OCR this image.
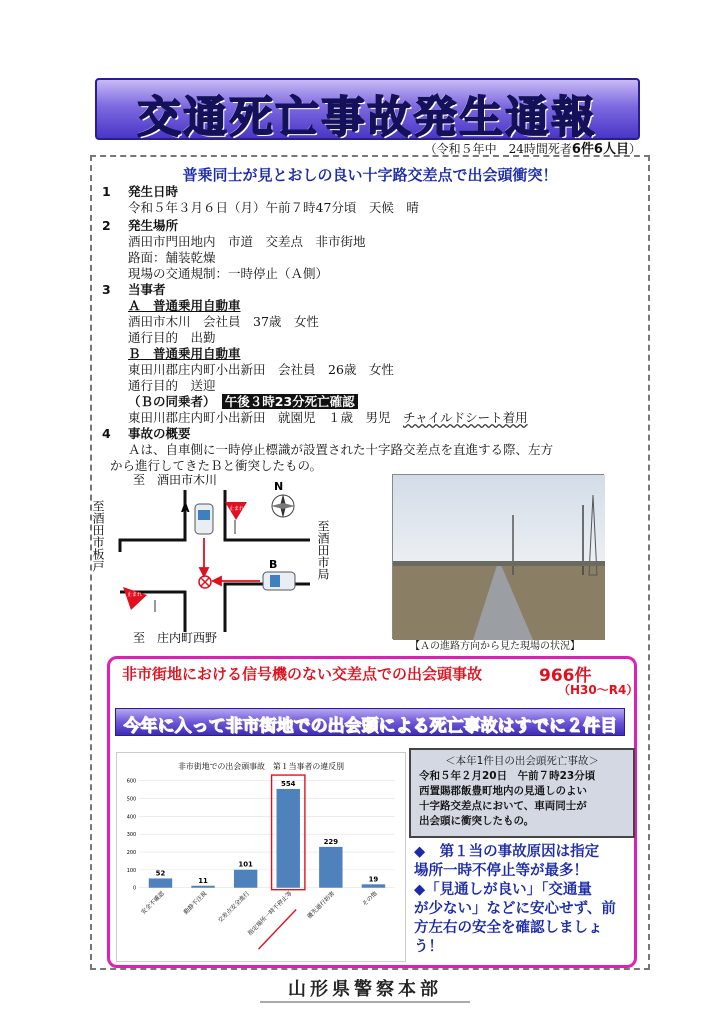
交通死亡事故発生通報
（令和５年中　24時間死者6件6人目）
普乗同士が見とおしの良い十字路交差点で出会頭衝突！
1 発生日時
令和５年３月６日（月）午前７時47分頃　天候　晴
2 発生場所
酒田市門田地内　市道　交差点　非市街地
路面：舗装乾燥
現場の交通規制：一時停止（Ａ側）
3 当事者
Ａ　普通乗用自動車
酒田市木川　会社員　37歳　女性
通行目的　出勤
Ｂ　普通乗用自動車
東田川郡庄内町小出新田　会社員　26歳　女性
通行目的　送迎
（Ｂの同乗者）　 午後３時23分死亡確認
東田川郡庄内町小出新田　就園児　１歳　男児　チャイルドシート着用
4 事故の概要
Ａは、自車側に一時停止標識が設置された十字路交差点を直進する際、左方
から進行してきたＢと衝突したもの。
至　酒田市木川
至　庄内町西野
至酒田市板戸	至酒田市局
A
B
止まれ
止まれ
N
【Ａの進路方向から見た現場の状況】
非市街地における信号機のない交差点での出会頭事故	966件
（H30～R4）
今年に入って非市街地での出会頭による死亡事故はすでに２件目
非市街地での出会頭事故　第１当事者の違反別
0
100
200
300
400
500
600
52
安全不確認
11
動静不注視
101
交差点安全進行
554
指定場所一時不停止等
229
優先通行妨害
19
その他
＜本年1件目の出会頭死亡事故＞
令和５年２月20日　午前７時23分頃
西置賜郡飯豊町地内の見通しのよい
十字路交差点において、車両同士が
出会頭に衝突したもの。
◆　第１当の事故原因は指定
場所一時不停止等が最多！
◆「見通しが良い」「交通量
が少ない」などに安心せず、前
方左右の安全を確認しましょ
う！
山形県警察本部
